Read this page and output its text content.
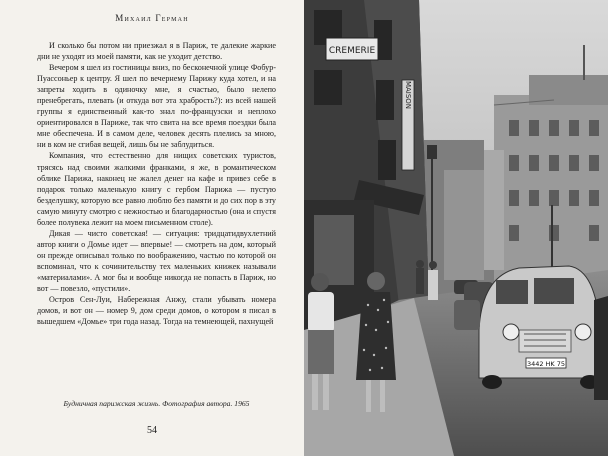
Михаил Герман

И сколько бы потом ни приезжал я в Париж, те далекие жаркие дни не уходят из моей памяти, как не уходит детство.

Вечером я шел из гостиницы вниз, по бесконечной улице Фобур-Пуассоньер к центру. Я шел по вечернему Парижу куда хотел, и на запреты ходить в одиночку мне, я счастью, было нелепо пренебрегать, плевать (и откуда вот эта храбрость?): из всей нашей группы я единственный как-то знал по-французски и неплохо ориентировался в Париже, так что свита на все время поездки была мне обеспечена. И в самом деле, человек десять плелись за мною, ни в ком не сгибая вещей, лишь бы не заблудиться.

Компания, что естественно для нищих советских туристов, трясясь над своими жалкими франками, я же, в романтическом облике Парижа, наконец не жалел денег на кафе и привез себе в подарок только маленькую книгу с гербом Парижа — пустую безделушку, которую все равно люблю без памяти и до сих пор в эту самую минуту смотрю с нежностью и благодарностью (она и спустя более полувека лежит на моем письменном столе).

Дикая — чисто советская! — ситуация: тридцатидвухлетний автор книги о Домье идет — впервые! — смотреть на дом, который он прежде описывал только по воображению, частью по которой он вспоминал, что к сочинительству тех маленьких книжек называли «материалами». А мог бы и вообще никогда не попасть в Париж, но вот — повезло, «пустили».

Остров Сен-Луи, Набережная Анжу, стали убывать номера домов, и вот он — номер 9, дом среди домов, о котором я писал в вышедшем «Домье» три года назад. Тогда на темнеющей, пахнущей

Будничная парижская жизнь. Фотография автора. 1965
54
CREMERIE
MAISON
3442 HK 75
